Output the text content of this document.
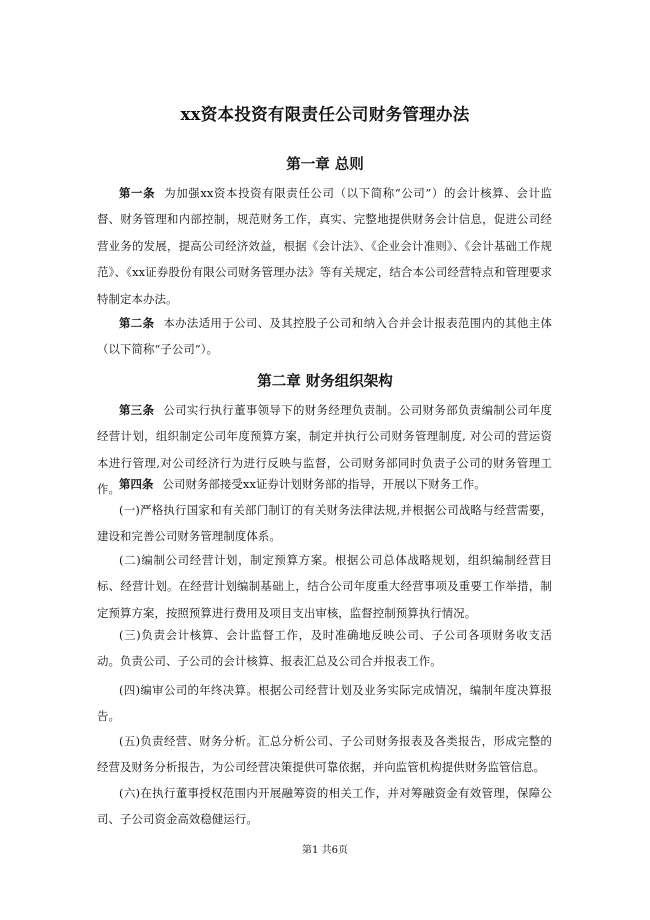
xx资本投资有限责任公司财务管理办法
第一章 总则

第一条 为加强xx资本投资有限责任公司（以下简称“公司”）的会计核算、会计监督、财务管理和内部控制，规范财务工作，真实、完整地提供财务会计信息，促进公司经营业务的发展，提高公司经济效益，根据《会计法》、《企业会计准则》、《会计基础工作规范》、《xx证券股份有限公司财务管理办法》等有关规定，结合本公司经营特点和管理要求特制定本办法。

第二条 本办法适用于公司、及其控股子公司和纳入合并会计报表范围内的其他主体（以下简称“子公司”）。

第二章 财务组织架构

第三条 公司实行执行董事领导下的财务经理负责制。公司财务部负责编制公司年度经营计划，组织制定公司年度预算方案，制定并执行公司财务管理制度, 对公司的营运资本进行管理,对公司经济行为进行反映与监督，公司财务部同时负责子公司的财务管理工作。 第四条 公司财务部接受xx证券计划财务部的指导，开展以下财务工作。

(一)严格执行国家和有关部门制订的有关财务法律法规,并根据公司战略与经营需要，建设和完善公司财务管理制度体系。

(二)编制公司经营计划，制定预算方案。根据公司总体战略规划，组织编制经营目标、经营计划。在经营计划编制基础上，结合公司年度重大经营事项及重要工作举措，制定预算方案，按照预算进行费用及项目支出审核，监督控制预算执行情况。

(三)负责会计核算、会计监督工作，及时准确地反映公司、子公司各项财务收支活动。负责公司、子公司的会计核算、报表汇总及公司合并报表工作。

(四)编审公司的年终决算。根据公司经营计划及业务实际完成情况，编制年度决算报告。

(五)负责经营、财务分析。汇总分析公司、子公司财务报表及各类报告，形成完整的经营及财务分析报告，为公司经营决策提供可靠依据，并向监管机构提供财务监管信息。

(六)在执行董事授权范围内开展融筹资的相关工作，并对筹融资金有效管理，保障公司、子公司资金高效稳健运行。

第1 共6页
